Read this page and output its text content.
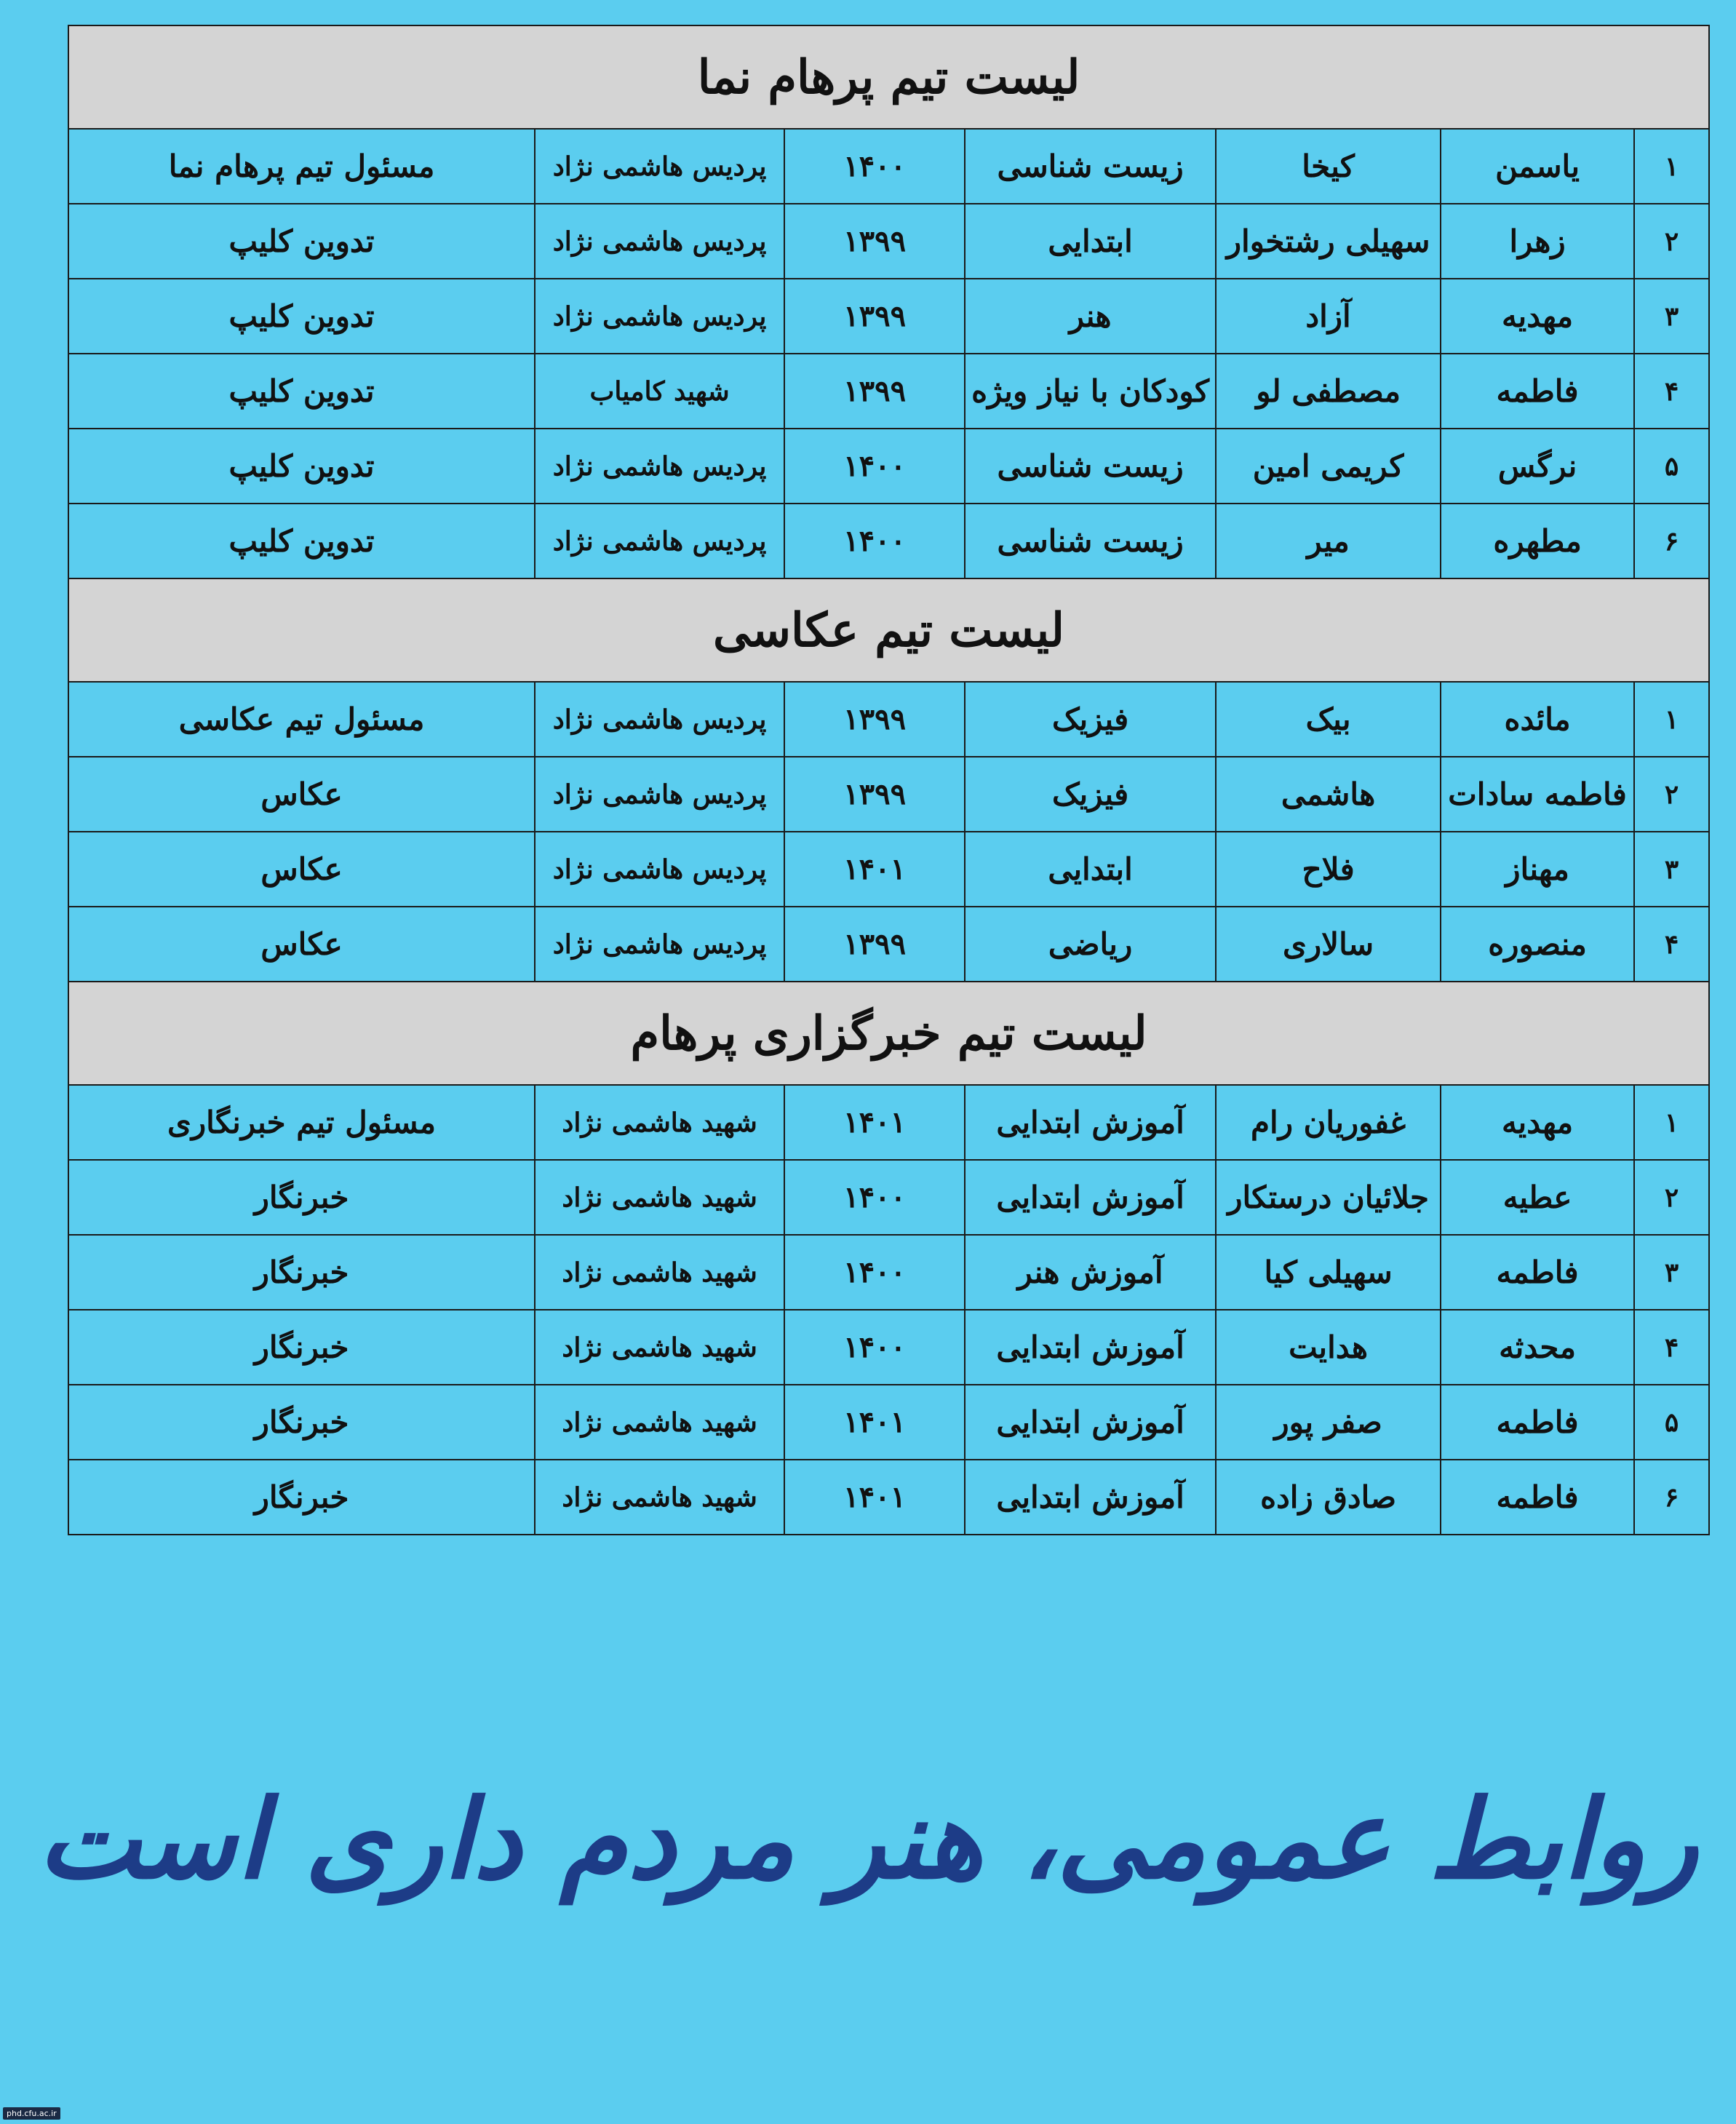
لیست تیم پرهام نما						
۱	یاسمن	کیخا	زیست شناسی	۱۴۰۰	پردیس هاشمی نژاد	مسئول تیم پرهام نما
۲	زهرا	سهیلی رشتخوار	ابتدایی	۱۳۹۹	پردیس هاشمی نژاد	تدوین کلیپ
۳	مهدیه	آزاد	هنر	۱۳۹۹	پردیس هاشمی نژاد	تدوین کلیپ
۴	فاطمه	مصطفی لو	کودکان با نیاز ویژه	۱۳۹۹	شهید کامیاب	تدوین کلیپ
۵	نرگس	کریمی امین	زیست شناسی	۱۴۰۰	پردیس هاشمی نژاد	تدوین کلیپ
۶	مطهره	میر	زیست شناسی	۱۴۰۰	پردیس هاشمی نژاد	تدوین کلیپ
لیست تیم عکاسی						
۱	مائده	بیک	فیزیک	۱۳۹۹	پردیس هاشمی نژاد	مسئول تیم عکاسی
۲	فاطمه سادات	هاشمی	فیزیک	۱۳۹۹	پردیس هاشمی نژاد	عکاس
۳	مهناز	فلاح	ابتدایی	۱۴۰۱	پردیس هاشمی نژاد	عکاس
۴	منصوره	سالاری	ریاضی	۱۳۹۹	پردیس هاشمی نژاد	عکاس
لیست تیم خبرگزاری پرهام						
۱	مهدیه	غفوریان رام	آموزش ابتدایی	۱۴۰۱	شهید هاشمی نژاد	مسئول تیم خبرنگاری
۲	عطیه	جلائیان درستکار	آموزش ابتدایی	۱۴۰۰	شهید هاشمی نژاد	خبرنگار
۳	فاطمه	سهیلی کیا	آموزش هنر	۱۴۰۰	شهید هاشمی نژاد	خبرنگار
۴	محدثه	هدایت	آموزش ابتدایی	۱۴۰۰	شهید هاشمی نژاد	خبرنگار
۵	فاطمه	صفر پور	آموزش ابتدایی	۱۴۰۱	شهید هاشمی نژاد	خبرنگار
۶	فاطمه	صادق زاده	آموزش ابتدایی	۱۴۰۱	شهید هاشمی نژاد	خبرنگار
روابط عمومی، هنر مردم داری است
phd.cfu.ac.ir
